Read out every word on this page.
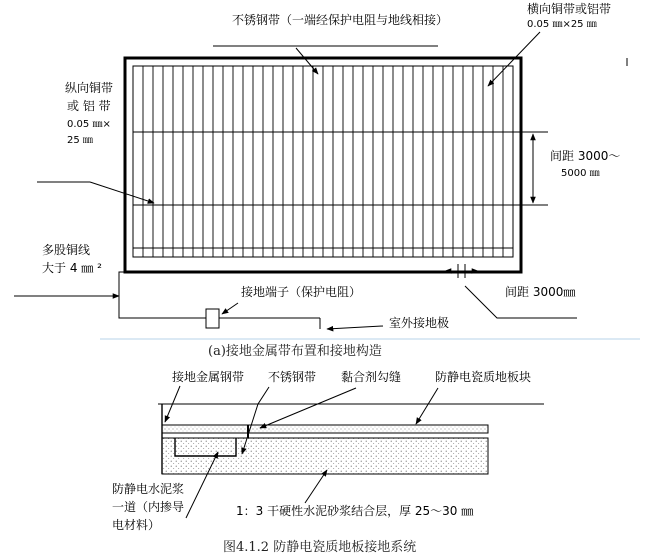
不锈钢带（一端经保护电阻与地线相接）
横向铜带或铝带
0.05 ㎜×25 ㎜
纵向铜带
或 铝 带
0.05 ㎜×
25 ㎜
间距 3000～
5000 ㎜
多股铜线
大于 4 ㎜ ²
接地端子（保护电阻）
室外接地极
间距 3000㎜
(a)接地金属带布置和接地构造
接地金属钢带 不锈钢带 黏合剂勾缝	防静电瓷质地板块
防静电水泥浆
一道（内掺导
电材料）
1：3 干硬性水泥砂浆结合层，厚 25～30 ㎜
图4.1.2 防静电瓷质地板接地系统
